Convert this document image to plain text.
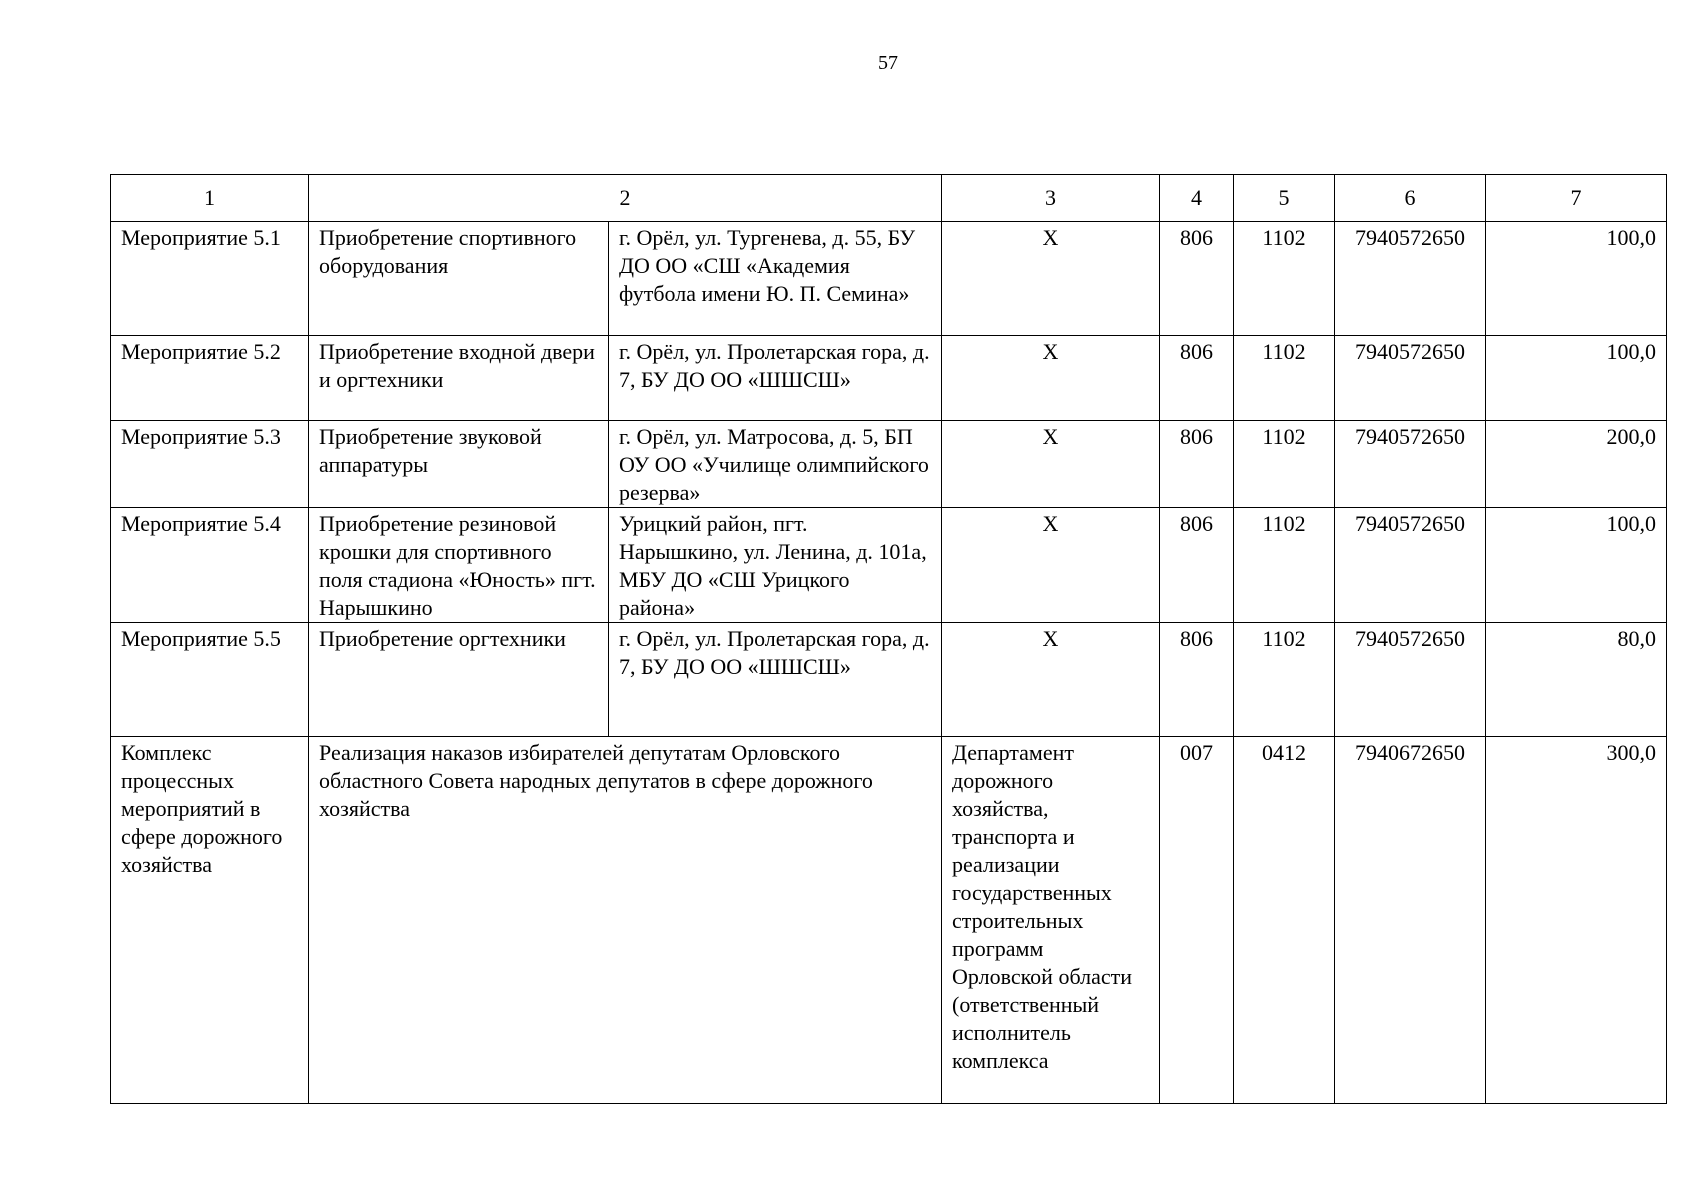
57
1	2		3	4	5	6	7
Мероприятие 5.1	Приобретение спортивного оборудования	г. Орёл, ул. Тургенева, д. 55, БУ ДО ОО «СШ «Академия футбола имени Ю. П. Семина»	Х	806	1102	7940572650	100,0
Мероприятие 5.2	Приобретение входной двери и оргтехники	г. Орёл, ул. Пролетарская гора, д. 7, БУ ДО ОО «ШШСШ»	Х	806	1102	7940572650	100,0
Мероприятие 5.3	Приобретение звуковой аппаратуры	г. Орёл, ул. Матросова, д. 5, БП ОУ ОО «Училище олимпийского резерва»	Х	806	1102	7940572650	200,0
Мероприятие 5.4	Приобретение резиновой крошки для спортивного поля стадиона «Юность» пгт. Нарышкино	Урицкий район, пгт. Нарышкино, ул. Ленина, д. 101а, МБУ ДО «СШ Урицкого района»	Х	806	1102	7940572650	100,0
Мероприятие 5.5	Приобретение оргтехники	г. Орёл, ул. Пролетарская гора, д. 7, БУ ДО ОО «ШШСШ»	Х	806	1102	7940572650	80,0
Комплекс процессных мероприятий в сфере дорожного хозяйства	Реализация наказов избирателей депутатам Орловского областного Совета народных депутатов в сфере дорожного хозяйства		Департамент дорожного хозяйства, транспорта и реализации государственных строительных программ Орловской области (ответственный исполнитель комплекса	007	0412	7940672650	300,0
